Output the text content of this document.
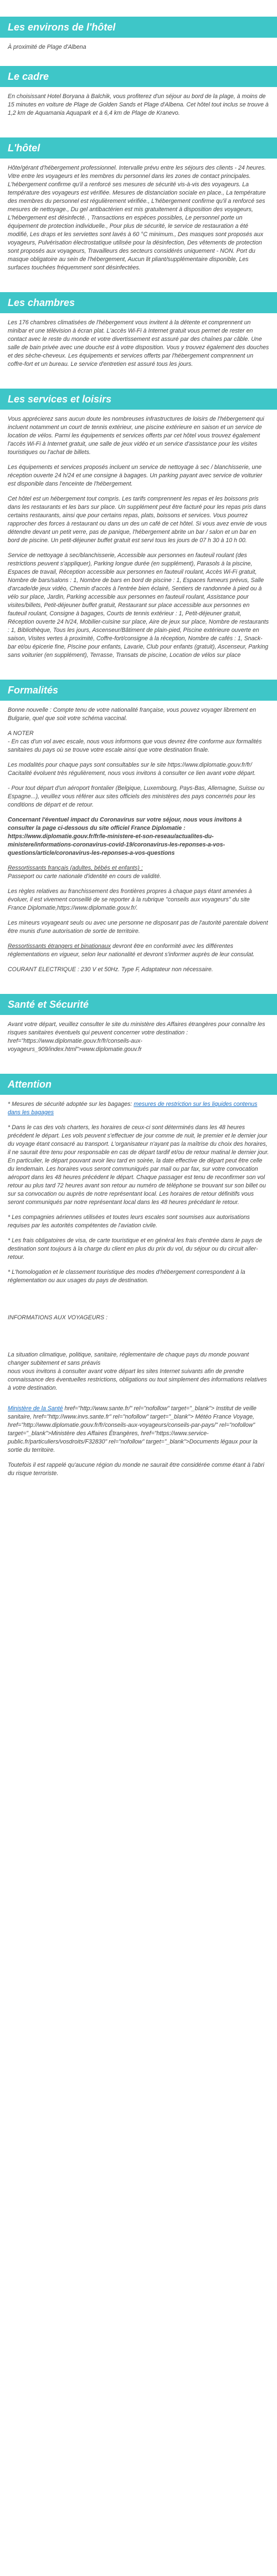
Les environs de l'hôtel

À proximité de Plage d'Albena

Le cadre

En choisissant Hotel Boryana à Balchik, vous profiterez d'un séjour au bord de la plage, à moins de 15 minutes en voiture de Plage de Golden Sands et Plage d'Albena. Cet hôtel tout inclus se trouve à 1,2 km de Aquamania Aquapark et à 6,4 km de Plage de Kranevo.

L'hôtel

Hôte/gérant d'hébergement professionnel. Intervalle prévu entre les séjours des clients - 24 heures. Vitre entre les voyageurs et les membres du personnel dans les zones de contact principales. L'hébergement confirme qu'il a renforcé ses mesures de sécurité vis-à-vis des voyageurs. La température des voyageurs est vérifiée. Mesures de distanciation sociale en place., La température des membres du personnel est régulièrement vérifiée., L'hébergement confirme qu'il a renforcé ses mesures de nettoyage., Du gel antibactérien est mis gratuitement à disposition des voyageurs, L'hébergement est désinfecté. , Transactions en espèces possibles, Le personnel porte un équipement de protection individuelle., Pour plus de sécurité, le service de restauration a été modifié, Les draps et les serviettes sont lavés à 60 °C minimum., Des masques sont proposés aux voyageurs, Pulvérisation électrostatique utilisée pour la désinfection, Des vêtements de protection sont proposés aux voyageurs, Travailleurs des secteurs considérés uniquement - NON. Port du masque obligatoire au sein de l'hébergement, Aucun lit pliant/supplémentaire disponible, Les surfaces touchées fréquemment sont désinfectées.

Les chambres

Les 176 chambres climatisées de l'hébergement vous invitent à la détente et comprennent un minibar et une télévision à écran plat. L'accès Wi-Fi à Internet gratuit vous permet de rester en contact avec le reste du monde et votre divertissement est assuré par des chaînes par câble. Une salle de bain privée avec une douche est à votre disposition. Vous y trouvez également des douches et des sèche-cheveux. Les équipements et services offerts par l'hébergement comprennent un coffre-fort et un bureau. Le service d'entretien est assuré tous les jours.

Les services et loisirs

Vous apprécierez sans aucun doute les nombreuses infrastructures de loisirs de l'hébergement qui incluent notamment un court de tennis extérieur, une piscine extérieure en saison et un service de location de vélos. Parmi les équipements et services offerts par cet hôtel vous trouvez également l'accès Wi-Fi à Internet gratuit, une salle de jeux vidéo et un service d'assistance pour les visites touristiques ou l'achat de billets.

Les équipements et services proposés incluent un service de nettoyage à sec / blanchisserie, une réception ouverte 24 h/24 et une consigne à bagages. Un parking payant avec service de voiturier est disponible dans l'enceinte de l'hébergement.

Cet hôtel est un hébergement tout compris. Les tarifs comprennent les repas et les boissons pris dans les restaurants et les bars sur place. Un supplément peut être facturé pour les repas pris dans certains restaurants, ainsi que pour certains repas, plats, boissons et services. Vous pourrez rapprocher des forces à restaurant ou dans un des un café de cet hôtel. Si vous avez envie de vous détendre devant un petit verre, pas de panique, l'hébergement abrite un bar / salon et un bar en bord de piscine. Un petit-déjeuner buffet gratuit est servi tous les jours de 07 h 30 à 10 h 00.

Service de nettoyage à sec/blanchisserie, Accessible aux personnes en fauteuil roulant (des restrictions peuvent s'appliquer), Parking longue durée (en supplément), Parasols à la piscine, Espaces de travail, Réception accessible aux personnes en fauteuil roulant, Accès Wi-Fi gratuit, Nombre de bars/salons : 1, Nombre de bars en bord de piscine : 1, Espaces fumeurs prévus, Salle d'arcade/de jeux vidéo, Chemin d'accès à l'entrée bien éclairé, Sentiers de randonnée à pied ou à vélo sur place, Jardin, Parking accessible aux personnes en fauteuil roulant, Assistance pour visites/billets, Petit-déjeuner buffet gratuit, Restaurant sur place accessible aux personnes en fauteuil roulant, Consigne à bagages, Courts de tennis extérieur : 1, Petit-déjeuner gratuit, Réception ouverte 24 h/24, Mobilier-cuisine sur place, Aire de jeux sur place, Nombre de restaurants : 1, Bibliothèque, Tous les jours, Ascenseur/Bâtiment de plain-pied, Piscine extérieure ouverte en saison, Visites vertes à proximité, Coffre-fort/consigne à la réception, Nombre de cafés : 1, Snack-bar et/ou épicerie fine, Piscine pour enfants, Lavarie, Club pour enfants (gratuit), Ascenseur, Parking sans voiturier (en supplément), Terrasse, Transats de piscine, Location de vélos sur place

Formalités

Bonne nouvelle : Compte tenu de votre nationalité française, vous pouvez voyager librement en Bulgarie, quel que soit votre schéma vaccinal.

A NOTER

- En cas d'un vol avec escale, nous vous informons que vous devrez être conforme aux formalités sanitaires du pays où se trouve votre escale ainsi que votre destination finale.

Les modalités pour chaque pays sont consultables sur le site https://www.diplomatie.gouv.fr/fr/ Cacitalité évoluent très régulièrement, nous vous invitons à consulter ce lien avant votre départ.

- Pour tout départ d'un aéroport frontalier (Belgique, Luxembourg, Pays-Bas, Allemagne, Suisse ou Espagne...), veuillez vous référer aux sites officiels des ministères des pays concernés pour les conditions de départ et de retour.

Concernant l'éventuel impact du Coronavirus sur votre séjour, nous vous invitons à consulter la page ci-dessous du site officiel France Diplomatie : https://www.diplomatie.gouv.fr/fr/le-ministere-et-son-reseau/actualites-du-ministere/informations-coronavirus-covid-19/coronavirus-les-reponses-a-vos-questions/article/coronavirus-les-reponses-a-vos-questions

Ressortissants français (adultes, bébés et enfants) :

Passeport ou carte nationale d'identité en cours de validité.

Les règles relatives au franchissement des frontières propres à chaque pays étant amenées à évoluer, il est vivement conseillé de se reporter à la rubrique "conseils aux voyageurs" du site France Diplomatie,https://www.diplomatie.gouv.fr/.

Les mineurs voyageant seuls ou avec une personne ne disposant pas de l'autorité parentale doivent être munis d'une autorisation de sortie de territoire.

Ressortissants étrangers et binationaux devront être en conformité avec les différentes réglementations en vigueur, selon leur nationalité et devront s'informer auprès de leur consulat.

COURANT ELECTRIQUE : 230 V et 50Hz. Type F, Adaptateur non nécessaire.

Santé et Sécurité

Avant votre départ, veuillez consulter le site du ministère des Affaires étrangères pour connaître les risques sanitaires éventuels qui peuvent concerner votre destination : href="https://www.diplomatie.gouv.fr/fr/conseils-aux-voyageurs_909/index.html">www.diplomatie.gouv.fr

Attention

* Mesures de sécurité adoptée sur les bagages: mesures de restriction sur les liquides contenus dans les bagages

* Dans le cas des vols charters, les horaires de ceux-ci sont déterminés dans les 48 heures précédent le départ. Les vols peuvent s'effectuer de jour comme de nuit, le premier et le dernier jour du voyage étant consacré au transport. L'organisateur n'ayant pas la maîtrise du choix des horaires, il ne saurait être tenu pour responsable en cas de départ tardif et/ou de retour matinal le dernier jour. En particulier, le départ pouvant avoir lieu tard en soirée, la date effective de départ peut être celle du lendemain. Les horaires vous seront communiqués par mail ou par fax, sur votre convocation aéroport dans les 48 heures précédent le départ. Chaque passager est tenu de reconfirmer son vol retour au plus tard 72 heures avant son retour au numéro de téléphone se trouvant sur son billet ou sur sa convocation ou auprès de notre représentant local. Les horaires de retour définitifs vous seront communiqués par notre représentant local dans les 48 heures précédant le retour.

* Les compagnies aériennes utilisées et toutes leurs escales sont soumises aux autorisations requises par les autorités compétentes de l'aviation civile.

* Les frais obligatoires de visa, de carte touristique et en général les frais d'entrée dans le pays de destination sont toujours à la charge du client en plus du prix du vol, du séjour ou du circuit aller-retour.

* L'homologation et le classement touristique des modes d'hébergement correspondent à la réglementation ou aux usages du pays de destination.

INFORMATIONS AUX VOYAGEURS :

La situation climatique, politique, sanitaire, réglementaire de chaque pays du monde pouvant changer subitement et sans préavis

nous vous invitons à consulter avant votre départ les sites Internet suivants afin de prendre connaissance des éventuelles restrictions, obligations ou tout simplement des informations relatives à votre destination.

Ministère de la Santé href="http://www.sante.fr/" rel="nofollow" target="_blank"> Institut de veille sanitaire, href="http://www.invs.sante.fr" rel="nofollow" target="_blank"> Météo France Voyage, href="http://www.diplomatie.gouv.fr/fr/conseils-aux-voyageurs/conseils-par-pays/" rel="nofollow" target="_blank">Ministère des Affaires Étrangères, href="https://www.service-public.fr/particuliers/vosdroits/F32830" rel="nofollow" target="_blank">Documents légaux pour la sortie du territoire.

Toutefois il est rappelé qu'aucune région du monde ne saurait être considérée comme étant à l'abri du risque terroriste.
